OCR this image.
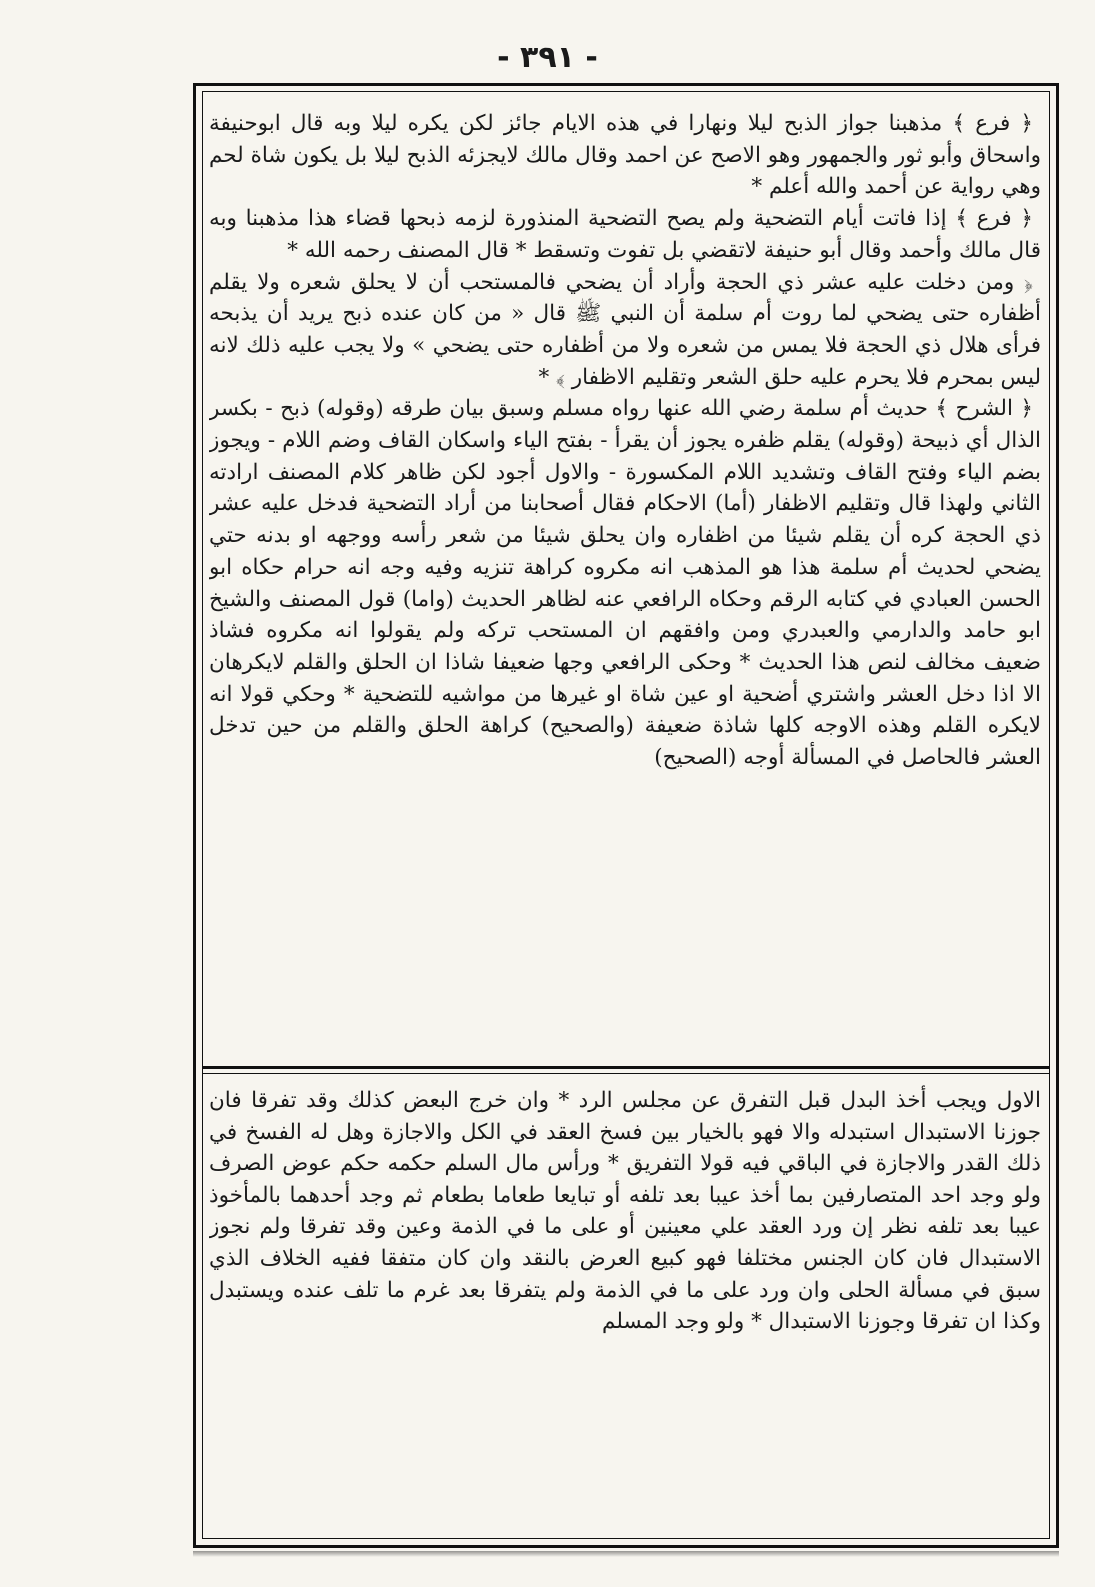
- ٣٩١ -

﴿ فرع ﴾ مذهبنا جواز الذبح ليلا ونهارا في هذه الايام جائز لكن يكره ليلا وبه قال ابوحنيفة واسحاق وأبو ثور والجمهور وهو الاصح عن احمد وقال مالك لايجزئه الذبح ليلا بل يكون شاة لحم وهي رواية عن أحمد والله أعلم *

﴿ فرع ﴾ إذا فاتت أيام التضحية ولم يصح التضحية المنذورة لزمه ذبحها قضاء هذا مذهبنا وبه قال مالك وأحمد وقال أبو حنيفة لاتقضي بل تفوت وتسقط * قال المصنف رحمه الله *

﴿ ومن دخلت عليه عشر ذي الحجة وأراد أن يضحي فالمستحب أن لا يحلق شعره ولا يقلم أظفاره حتى يضحي لما روت أم سلمة أن النبي ﷺ قال « من كان عنده ذبح يريد أن يذبحه فرأى هلال ذي الحجة فلا يمس من شعره ولا من أظفاره حتى يضحي » ولا يجب عليه ذلك لانه ليس بمحرم فلا يحرم عليه حلق الشعر وتقليم الاظفار ﴾ *

﴿ الشرح ﴾ حديث أم سلمة رضي الله عنها رواه مسلم وسبق بيان طرقه (وقوله) ذبح - بكسر الذال أي ذبيحة (وقوله) يقلم ظفره يجوز أن يقرأ - بفتح الياء واسكان القاف وضم اللام - ويجوز بضم الياء وفتح القاف وتشديد اللام المكسورة - والاول أجود لكن ظاهر كلام المصنف ارادته الثاني ولهذا قال وتقليم الاظفار (أما) الاحكام فقال أصحابنا من أراد التضحية فدخل عليه عشر ذي الحجة كره أن يقلم شيئا من اظفاره وان يحلق شيئا من شعر رأسه ووجهه او بدنه حتي يضحي لحديث أم سلمة هذا هو المذهب انه مكروه كراهة تنزيه وفيه وجه انه حرام حكاه ابو الحسن العبادي في كتابه الرقم وحكاه الرافعي عنه لظاهر الحديث (واما) قول المصنف والشيخ ابو حامد والدارمي والعبدري ومن وافقهم ان المستحب تركه ولم يقولوا انه مكروه فشاذ ضعيف مخالف لنص هذا الحديث * وحكى الرافعي وجها ضعيفا شاذا ان الحلق والقلم لايكرهان الا اذا دخل العشر واشتري أضحية او عين شاة او غيرها من مواشيه للتضحية * وحكي قولا انه لايكره القلم وهذه الاوجه كلها شاذة ضعيفة (والصحيح) كراهة الحلق والقلم من حين تدخل العشر فالحاصل في المسألة أوجه (الصحيح)

الاول ويجب أخذ البدل قبل التفرق عن مجلس الرد * وان خرج البعض كذلك وقد تفرقا فان جوزنا الاستبدال استبدله والا فهو بالخيار بين فسخ العقد في الكل والاجازة وهل له الفسخ في ذلك القدر والاجازة في الباقي فيه قولا التفريق * ورأس مال السلم حكمه حكم عوض الصرف ولو وجد احد المتصارفين بما أخذ عيبا بعد تلفه أو تبايعا طعاما بطعام ثم وجد أحدهما بالمأخوذ عيبا بعد تلفه نظر إن ورد العقد علي معينين أو على ما في الذمة وعين وقد تفرقا ولم نجوز الاستبدال فان كان الجنس مختلفا فهو كبيع العرض بالنقد وان كان متفقا ففيه الخلاف الذي سبق في مسألة الحلى وان ورد على ما في الذمة ولم يتفرقا بعد غرم ما تلف عنده ويستبدل وكذا ان تفرقا وجوزنا الاستبدال * ولو وجد المسلم
